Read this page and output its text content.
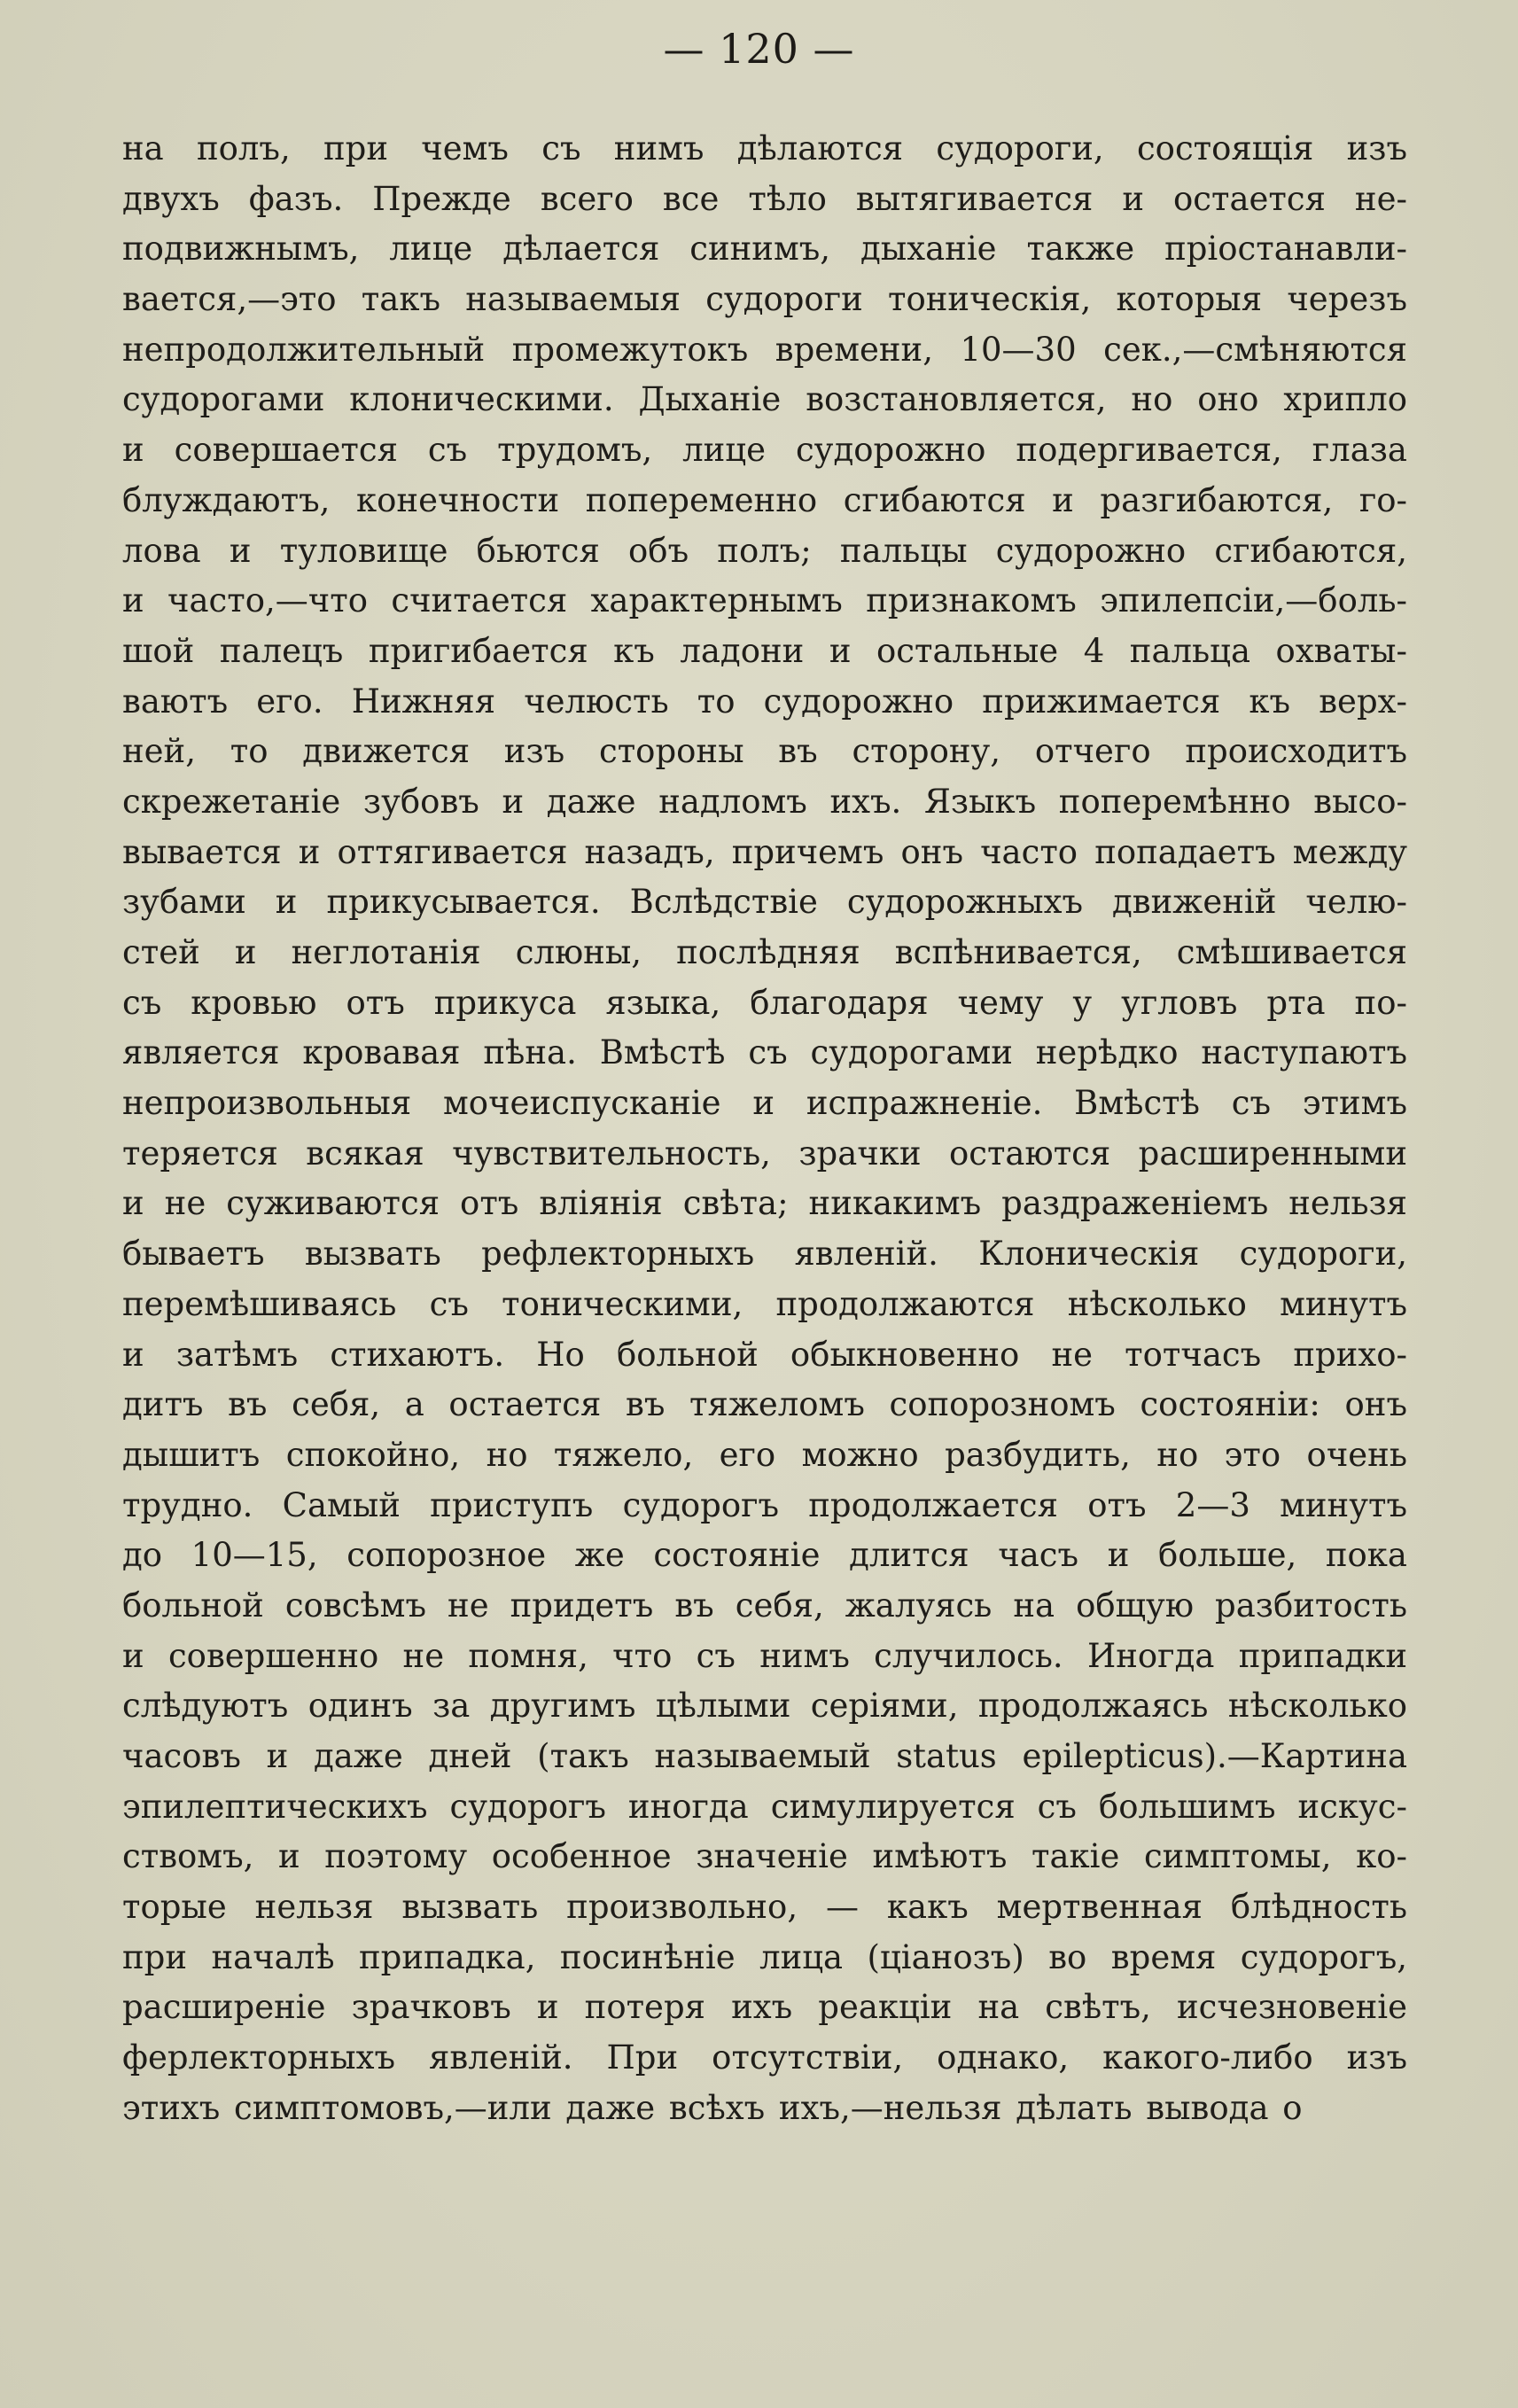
— 120 —
на полъ, при чемъ съ нимъ дѣлаются судороги, состоящія изъ
двухъ фазъ. Прежде всего все тѣло вытягивается и остается не-
подвижнымъ, лице дѣлается синимъ, дыханіе также пріостанавли-
вается,—это такъ называемыя судороги тоническія, которыя черезъ
непродолжительный промежутокъ времени, 10—30 сек.,—смѣняются
судорогами клоническими. Дыханіе возстановляется, но оно хрипло
и совершается съ трудомъ, лице судорожно подергивается, глаза
блуждаютъ, конечности попеременно сгибаются и разгибаются, го-
лова и туловище бьются объ полъ; пальцы судорожно сгибаются,
и часто,—что считается характернымъ признакомъ эпилепсіи,—боль-
шой палецъ пригибается къ ладони и остальные 4 пальца охваты-
ваютъ его. Нижняя челюсть то судорожно прижимается къ верх-
ней, то движется изъ стороны въ сторону, отчего происходитъ
скрежетаніе зубовъ и даже надломъ ихъ. Языкъ поперемѣнно высо-
вывается и оттягивается назадъ, причемъ онъ часто попадаетъ между
зубами и прикусывается. Вслѣдствіе судорожныхъ движеній челю-
стей и неглотанія слюны, послѣдняя вспѣнивается, смѣшивается
съ кровью отъ прикуса языка, благодаря чему у угловъ рта по-
является кровавая пѣна. Вмѣстѣ съ судорогами нерѣдко наступаютъ
непроизвольныя мочеиспусканіе и испражненіе. Вмѣстѣ съ этимъ
теряется всякая чувствительность, зрачки остаются расширенными
и не суживаются отъ вліянія свѣта; никакимъ раздраженіемъ нельзя
бываетъ вызвать рефлекторныхъ явленій. Клоническія судороги,
перемѣшиваясь съ тоническими, продолжаются нѣсколько минутъ
и затѣмъ стихаютъ. Но больной обыкновенно не тотчасъ прихо-
дитъ въ себя, а остается въ тяжеломъ сопорозномъ состояніи: онъ
дышитъ спокойно, но тяжело, его можно разбудить, но это очень
трудно. Самый приступъ судорогъ продолжается отъ 2—3 минутъ
до 10—15, сопорозное же состояніе длится часъ и больше, пока
больной совсѣмъ не придетъ въ себя, жалуясь на общую разбитость
и совершенно не помня, что съ нимъ случилось. Иногда припадки
слѣдуютъ одинъ за другимъ цѣлыми серіями, продолжаясь нѣсколько
часовъ и даже дней (такъ называемый status epilepticus).—Картина
эпилептическихъ судорогъ иногда симулируется съ большимъ искус-
ствомъ, и поэтому особенное значеніе имѣютъ такіе симптомы, ко-
торые нельзя вызвать произвольно, — какъ мертвенная блѣдность
при началѣ припадка, посинѣніе лица (ціанозъ) во время судорогъ,
расширеніе зрачковъ и потеря ихъ реакціи на свѣтъ, исчезновеніе
ферлекторныхъ явленій. При отсутствіи, однако, какого-либо изъ
этихъ симптомовъ,—или даже всѣхъ ихъ,—нельзя дѣлать вывода о
